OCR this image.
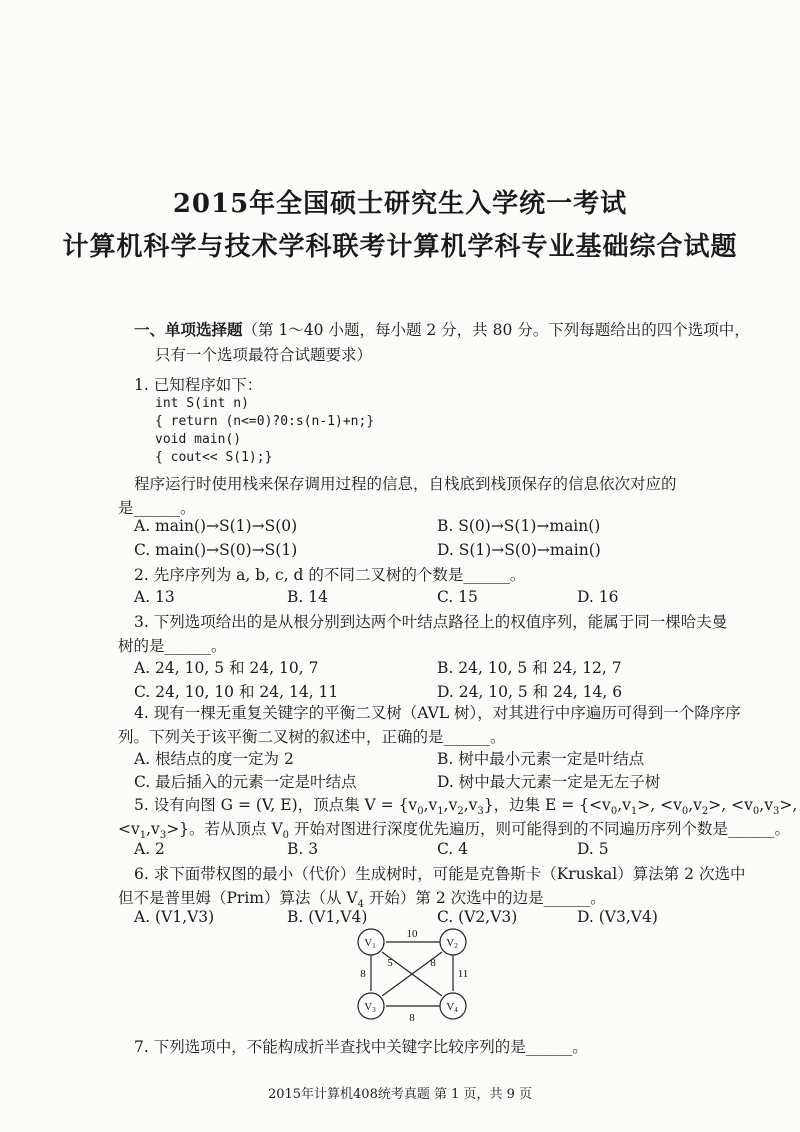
2015年全国硕士研究生入学统一考试
计算机科学与技术学科联考计算机学科专业基础综合试题
一、单项选择题（第 1～40 小题，每小题 2 分，共 80 分。下列每题给出的四个选项中，
只有一个选项最符合试题要求）
1. 已知程序如下：
int S(int n)
{ return (n<=0)?0:s(n-1)+n;}
void main()
{ cout<< S(1);}
程序运行时使用栈来保存调用过程的信息，自栈底到栈顶保存的信息依次对应的
是______。
A. main()→S(1)→S(0)	B. S(0)→S(1)→main()
C. main()→S(0)→S(1)	D. S(1)→S(0)→main()
2. 先序序列为 a, b, c, d 的不同二叉树的个数是______。
A. 13	B. 14	C. 15	D. 16
3. 下列选项给出的是从根分别到达两个叶结点路径上的权值序列，能属于同一棵哈夫曼
树的是______。
A. 24, 10, 5 和 24, 10, 7	B. 24, 10, 5 和 24, 12, 7
C. 24, 10, 10 和 24, 14, 11	D. 24, 10, 5 和 24, 14, 6
4. 现有一棵无重复关键字的平衡二叉树（AVL 树），对其进行中序遍历可得到一个降序序
列。下列关于该平衡二叉树的叙述中，正确的是______。
A. 根结点的度一定为 2	B. 树中最小元素一定是叶结点
C. 最后插入的元素一定是叶结点	D. 树中最大元素一定是无左子树
5. 设有向图 G = (V, E)，顶点集 $V = \{v_0,v_1,v_2,v_3\}$，边集 $E = \{<v_0,v_1>$, $<v_0,v_2>$, $<v_0,v_3>$,
$<v_1,v_3>$}。若从顶点 $V_0$ 开始对图进行深度优先遍历，则可能得到的不同遍历序列个数是______。
A. 2	B. 3	C. 4	D. 5
6. 求下面带权图的最小（代价）生成树时，可能是克鲁斯卡（Kruskal）算法第 2 次选中
但不是普里姆（Prim）算法（从 $V_4$ 开始）第 2 次选中的边是______。
A. (V1,V3)	B. (V1,V4)	C. (V2,V3)	D. (V3,V4)
V1	V2
V3	V4
10
8
5	8
11
8
7. 下列选项中，不能构成折半查找中关键字比较序列的是______。
2015年计算机408统考真题 第 1 页，共 9 页
